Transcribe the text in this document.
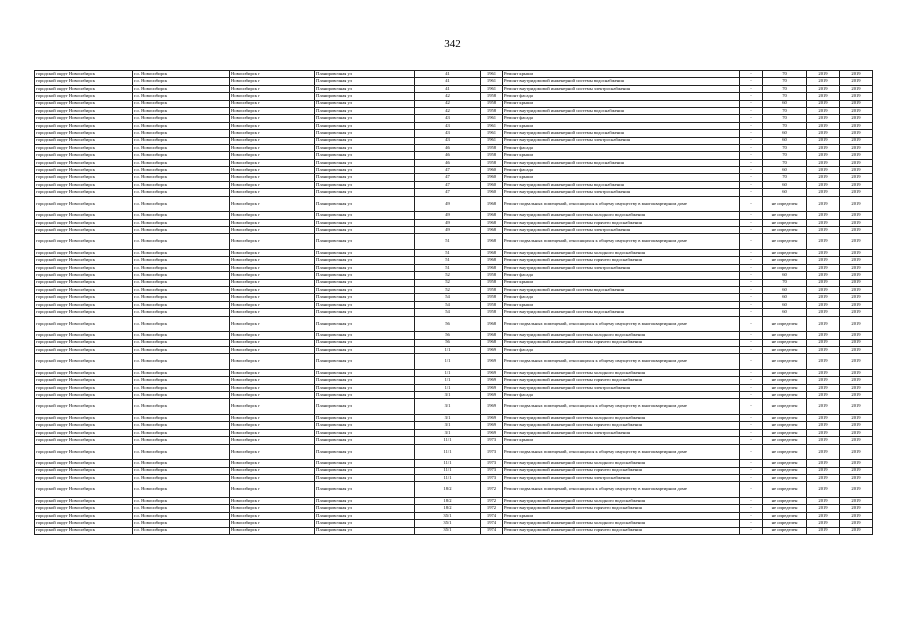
342
городской округ Новосибирск	г.о. Новосибирск	Новосибирск г	Планировочная ул	41	1961	Ремонт крыши	-	70	2019	2019
городской округ Новосибирск	г.о. Новосибирск	Новосибирск г	Планировочная ул	41	1961	Ремонт внутридомовой инженерной системы водоснабжения	-	70	2019	2019
городской округ Новосибирск	г.о. Новосибирск	Новосибирск г	Планировочная ул	41	1961	Ремонт внутридомовой инженерной системы электроснабжения	-	70	2019	2019
городской округ Новосибирск	г.о. Новосибирск	Новосибирск г	Планировочная ул	42	1958	Ремонт фасада	-	70	2019	2019
городской округ Новосибирск	г.о. Новосибирск	Новосибирск г	Планировочная ул	42	1958	Ремонт крыши	-	60	2019	2019
городской округ Новосибирск	г.о. Новосибирск	Новосибирск г	Планировочная ул	42	1958	Ремонт внутридомовой инженерной системы водоснабжения	-	70	2019	2019
городской округ Новосибирск	г.о. Новосибирск	Новосибирск г	Планировочная ул	43	1961	Ремонт фасада	-	70	2019	2019
городской округ Новосибирск	г.о. Новосибирск	Новосибирск г	Планировочная ул	43	1961	Ремонт крыши	-	70	2019	2019
городской округ Новосибирск	г.о. Новосибирск	Новосибирск г	Планировочная ул	43	1961	Ремонт внутридомовой инженерной системы водоснабжения	-	60	2019	2019
городской округ Новосибирск	г.о. Новосибирск	Новосибирск г	Планировочная ул	43	1961	Ремонт внутридомовой инженерной системы электроснабжения	-	60	2019	2019
городской округ Новосибирск	г.о. Новосибирск	Новосибирск г	Планировочная ул	46	1958	Ремонт фасада	-	70	2019	2019
городской округ Новосибирск	г.о. Новосибирск	Новосибирск г	Планировочная ул	46	1958	Ремонт крыши	-	70	2019	2019
городской округ Новосибирск	г.о. Новосибирск	Новосибирск г	Планировочная ул	46	1958	Ремонт внутридомовой инженерной системы водоснабжения	-	70	2019	2019
городской округ Новосибирск	г.о. Новосибирск	Новосибирск г	Планировочная ул	47	1960	Ремонт фасада	-	60	2019	2019
городской округ Новосибирск	г.о. Новосибирск	Новосибирск г	Планировочная ул	47	1960	Ремонт крыши	-	70	2019	2019
городской округ Новосибирск	г.о. Новосибирск	Новосибирск г	Планировочная ул	47	1960	Ремонт внутридомовой инженерной системы водоснабжения	-	60	2019	2019
городской округ Новосибирск	г.о. Новосибирск	Новосибирск г	Планировочная ул	47	1960	Ремонт внутридомовой инженерной системы электроснабжения	-	60	2019	2019
городской округ Новосибирск	г.о. Новосибирск	Новосибирск г	Планировочная ул	49	1968	Ремонт подвальных помещений, относящихся к общему имуществу в многоквартирном доме	-	не определен	2019	2019
городской округ Новосибирск	г.о. Новосибирск	Новосибирск г	Планировочная ул	49	1968	Ремонт внутридомовой инженерной системы холодного водоснабжения	-	не определен	2019	2019
городской округ Новосибирск	г.о. Новосибирск	Новосибирск г	Планировочная ул	49	1968	Ремонт внутридомовой инженерной системы горячего водоснабжения	-	не определен	2019	2019
городской округ Новосибирск	г.о. Новосибирск	Новосибирск г	Планировочная ул	49	1968	Ремонт внутридомовой инженерной системы электроснабжения	-	не определен	2019	2019
городской округ Новосибирск	г.о. Новосибирск	Новосибирск г	Планировочная ул	51	1968	Ремонт подвальных помещений, относящихся к общему имуществу в многоквартирном доме	-	не определен	2019	2019
городской округ Новосибирск	г.о. Новосибирск	Новосибирск г	Планировочная ул	51	1968	Ремонт внутридомовой инженерной системы холодного водоснабжения	-	не определен	2019	2019
городской округ Новосибирск	г.о. Новосибирск	Новосибирск г	Планировочная ул	51	1968	Ремонт внутридомовой инженерной системы горячего водоснабжения	-	не определен	2019	2019
городской округ Новосибирск	г.о. Новосибирск	Новосибирск г	Планировочная ул	51	1968	Ремонт внутридомовой инженерной системы электроснабжения	-	не определен	2019	2019
городской округ Новосибирск	г.о. Новосибирск	Новосибирск г	Планировочная ул	52	1958	Ремонт фасада	-	60	2019	2019
городской округ Новосибирск	г.о. Новосибирск	Новосибирск г	Планировочная ул	52	1958	Ремонт крыши	-	70	2019	2019
городской округ Новосибирск	г.о. Новосибирск	Новосибирск г	Планировочная ул	52	1958	Ремонт внутридомовой инженерной системы водоснабжения	-	60	2019	2019
городской округ Новосибирск	г.о. Новосибирск	Новосибирск г	Планировочная ул	54	1958	Ремонт фасада	-	60	2019	2019
городской округ Новосибирск	г.о. Новосибирск	Новосибирск г	Планировочная ул	54	1958	Ремонт крыши	-	60	2019	2019
городской округ Новосибирск	г.о. Новосибирск	Новосибирск г	Планировочная ул	54	1958	Ремонт внутридомовой инженерной системы водоснабжения	-	60	2019	2019
городской округ Новосибирск	г.о. Новосибирск	Новосибирск г	Планировочная ул	56	1968	Ремонт подвальных помещений, относящихся к общему имуществу в многоквартирном доме	-	не определен	2019	2019
городской округ Новосибирск	г.о. Новосибирск	Новосибирск г	Планировочная ул	56	1968	Ремонт внутридомовой инженерной системы холодного водоснабжения	-	не определен	2019	2019
городской округ Новосибирск	г.о. Новосибирск	Новосибирск г	Планировочная ул	56	1968	Ремонт внутридомовой инженерной системы горячего водоснабжения	-	не определен	2019	2019
городской округ Новосибирск	г.о. Новосибирск	Новосибирск г	Планировочная ул	1/1	1969	Ремонт фасада	-	не определен	2019	2019
городской округ Новосибирск	г.о. Новосибирск	Новосибирск г	Планировочная ул	1/1	1969	Ремонт подвальных помещений, относящихся к общему имуществу в многоквартирном доме	-	не определен	2019	2019
городской округ Новосибирск	г.о. Новосибирск	Новосибирск г	Планировочная ул	1/1	1969	Ремонт внутридомовой инженерной системы холодного водоснабжения	-	не определен	2019	2019
городской округ Новосибирск	г.о. Новосибирск	Новосибирск г	Планировочная ул	1/1	1969	Ремонт внутридомовой инженерной системы горячего водоснабжения	-	не определен	2019	2019
городской округ Новосибирск	г.о. Новосибирск	Новосибирск г	Планировочная ул	1/1	1969	Ремонт внутридомовой инженерной системы электроснабжения	-	не определен	2019	2019
городской округ Новосибирск	г.о. Новосибирск	Новосибирск г	Планировочная ул	3/1	1969	Ремонт фасада	-	не определен	2019	2019
городской округ Новосибирск	г.о. Новосибирск	Новосибирск г	Планировочная ул	3/1	1969	Ремонт подвальных помещений, относящихся к общему имуществу в многоквартирном доме	-	не определен	2019	2019
городской округ Новосибирск	г.о. Новосибирск	Новосибирск г	Планировочная ул	3/1	1969	Ремонт внутридомовой инженерной системы холодного водоснабжения	-	не определен	2019	2019
городской округ Новосибирск	г.о. Новосибирск	Новосибирск г	Планировочная ул	3/1	1969	Ремонт внутридомовой инженерной системы горячего водоснабжения	-	не определен	2019	2019
городской округ Новосибирск	г.о. Новосибирск	Новосибирск г	Планировочная ул	3/1	1969	Ремонт внутридомовой инженерной системы электроснабжения	-	не определен	2019	2019
городской округ Новосибирск	г.о. Новосибирск	Новосибирск г	Планировочная ул	11/1	1973	Ремонт крыши	-	не определен	2019	2019
городской округ Новосибирск	г.о. Новосибирск	Новосибирск г	Планировочная ул	11/1	1973	Ремонт подвальных помещений, относящихся к общему имуществу в многоквартирном доме	-	не определен	2019	2019
городской округ Новосибирск	г.о. Новосибирск	Новосибирск г	Планировочная ул	11/1	1973	Ремонт внутридомовой инженерной системы холодного водоснабжения	-	не определен	2019	2019
городской округ Новосибирск	г.о. Новосибирск	Новосибирск г	Планировочная ул	11/1	1973	Ремонт внутридомовой инженерной системы горячего водоснабжения	-	не определен	2019	2019
городской округ Новосибирск	г.о. Новосибирск	Новосибирск г	Планировочная ул	11/1	1973	Ремонт внутридомовой инженерной системы электроснабжения	-	не определен	2019	2019
городской округ Новосибирск	г.о. Новосибирск	Новосибирск г	Планировочная ул	18/2	1972	Ремонт подвальных помещений, относящихся к общему имуществу в многоквартирном доме	-	не определен	2019	2019
городской округ Новосибирск	г.о. Новосибирск	Новосибирск г	Планировочная ул	18/2	1972	Ремонт внутридомовой инженерной системы холодного водоснабжения	-	не определен	2019	2019
городской округ Новосибирск	г.о. Новосибирск	Новосибирск г	Планировочная ул	18/2	1972	Ремонт внутридомовой инженерной системы горячего водоснабжения	-	не определен	2019	2019
городской округ Новосибирск	г.о. Новосибирск	Новосибирск г	Планировочная ул	35/1	1974	Ремонт крыши	-	не определен	2019	2019
городской округ Новосибирск	г.о. Новосибирск	Новосибирск г	Планировочная ул	35/1	1974	Ремонт внутридомовой инженерной системы холодного водоснабжения	-	не определен	2019	2019
городской округ Новосибирск	г.о. Новосибирск	Новосибирск г	Планировочная ул	35/1	1974	Ремонт внутридомовой инженерной системы горячего водоснабжения	-	не определен	2019	2019
